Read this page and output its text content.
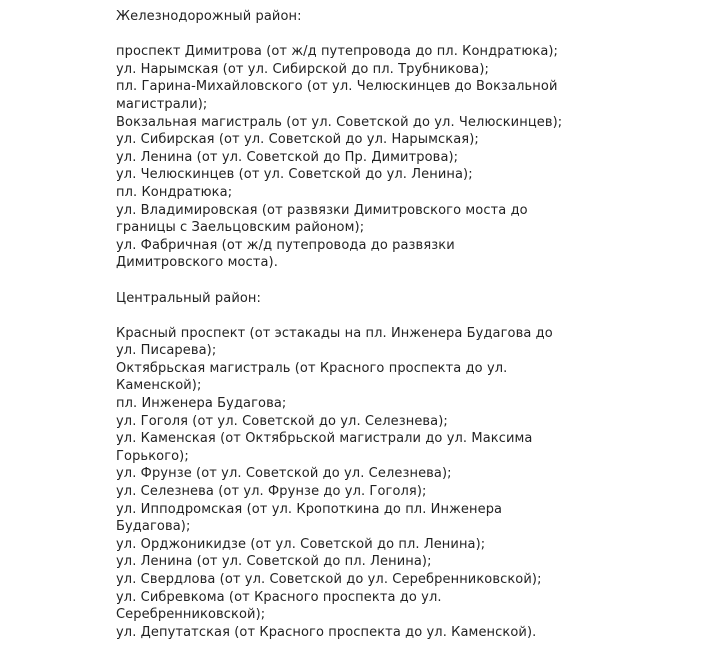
Железнодорожный район:

проспект Димитрова (от ж/д путепровода до пл. Кондратюка);
ул. Нарымская (от ул. Сибирской до пл. Трубникова);
пл. Гарина-Михайловского (от ул. Челюскинцев до Вокзальной
магистрали);
Вокзальная магистраль (от ул. Советской до ул. Челюскинцев);
ул. Сибирская (от ул. Советской до ул. Нарымская);
ул. Ленина (от ул. Советской до Пр. Димитрова);
ул. Челюскинцев (от ул. Советской до ул. Ленина);
пл. Кондратюка;
ул. Владимировская (от развязки Димитровского моста до
границы с Заельцовским районом);
ул. Фабричная (от ж/д путепровода до развязки
Димитровского моста).

Центральный район:

Красный проспект (от эстакады на пл. Инженера Будагова до
ул. Писарева);
Октябрьская магистраль (от Красного проспекта до ул.
Каменской);
пл. Инженера Будагова;
ул. Гоголя (от ул. Советской до ул. Селезнева);
ул. Каменская (от Октябрьской магистрали до ул. Максима
Горького);
ул. Фрунзе (от ул. Советской до ул. Селезнева);
ул. Селезнева (от ул. Фрунзе до ул. Гоголя);
ул. Ипподромская (от ул. Кропоткина до пл. Инженера
Будагова);
ул. Орджоникидзе (от ул. Советской до пл. Ленина);
ул. Ленина (от ул. Советской до пл. Ленина);
ул. Свердлова (от ул. Советской до ул. Серебренниковской);
ул. Сибревкома (от Красного проспекта до ул.
Серебренниковской);
ул. Депутатская (от Красного проспекта до ул. Каменской).
